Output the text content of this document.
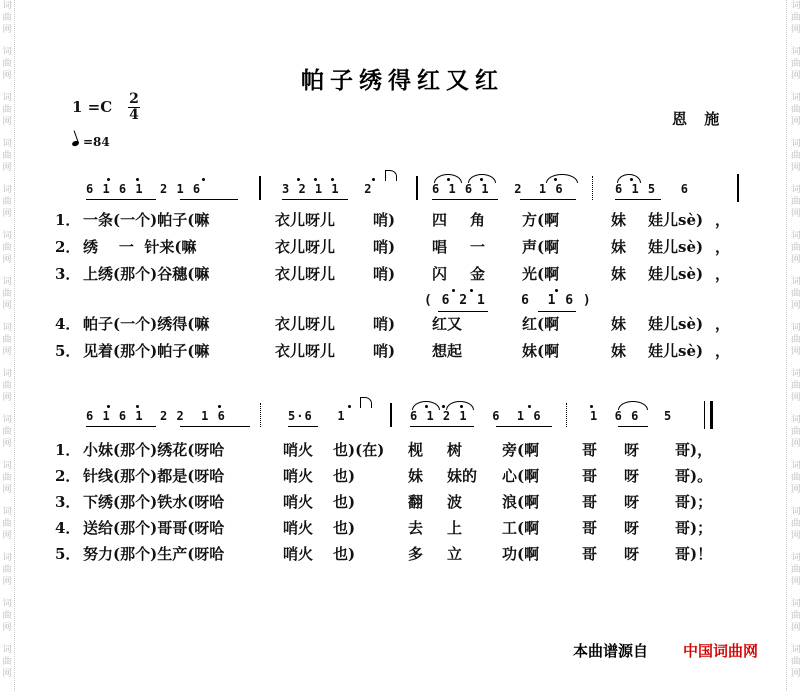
词
曲
网
词
曲
网
词
曲
网
词
曲
网
词
曲
网
词
曲
网
词
曲
网
词
曲
网
词
曲
网
词
曲
网
词
曲
网
词
曲
网
词
曲
网
词
曲
网
词
曲
网
词
曲
网
词
曲
网
词
曲
网
词
曲
网
词
曲
网
词
曲
网
词
曲
网
词
曲
网
词
曲
网
词
曲
网
词
曲
网
词
曲
网
词
曲
网
词
曲
网
词
曲
网
帕子绣得红又红
1 =C 2
4
=84
恩 施
6 1 6 1  2 1 6	3 2 1 1   2	6 1 6 1   2  1 6	6 1 5   6
( 6 2 1    6  1 6 )
6 1 6 1  2 2  1 6	5·6   1	6 1 2 1   6  1 6	1  6 6   5
1． 一条(一个)帕子(嘛	衣儿呀儿	哨) 四 角 方(啊	妹 娃儿sè) ，
2． 绣    一  针来(嘛	衣儿呀儿	哨) 唱 一 声(啊	妹 娃儿sè) ，
3． 上绣(那个)谷穗(嘛	衣儿呀儿	哨) 闪 金 光(啊	妹 娃儿sè) ，
4． 帕子(一个)绣得(嘛	衣儿呀儿	哨) 红又	红(啊	妹 娃儿sè) ，
5． 见着(那个)帕子(嘛	衣儿呀儿	哨) 想起	妹(啊	妹 娃儿sè) ，
1． 小妹(那个)绣花(呀哈	哨火 也)(在) 枧 树	旁(啊	哥 呀 哥)，
2． 针线(那个)都是(呀哈	哨火 也)	妹 妹的 心(啊	哥 呀 哥)。
3． 下绣(那个)铁水(呀哈	哨火 也)	翻 波	浪(啊	哥 呀 哥)；
4． 送给(那个)哥哥(呀哈	哨火 也)	去 上	工(啊	哥 呀 哥)；
5． 努力(那个)生产(呀哈	哨火 也)	多 立	功(啊	哥 呀 哥)！
本曲谱源自 中国词曲网
